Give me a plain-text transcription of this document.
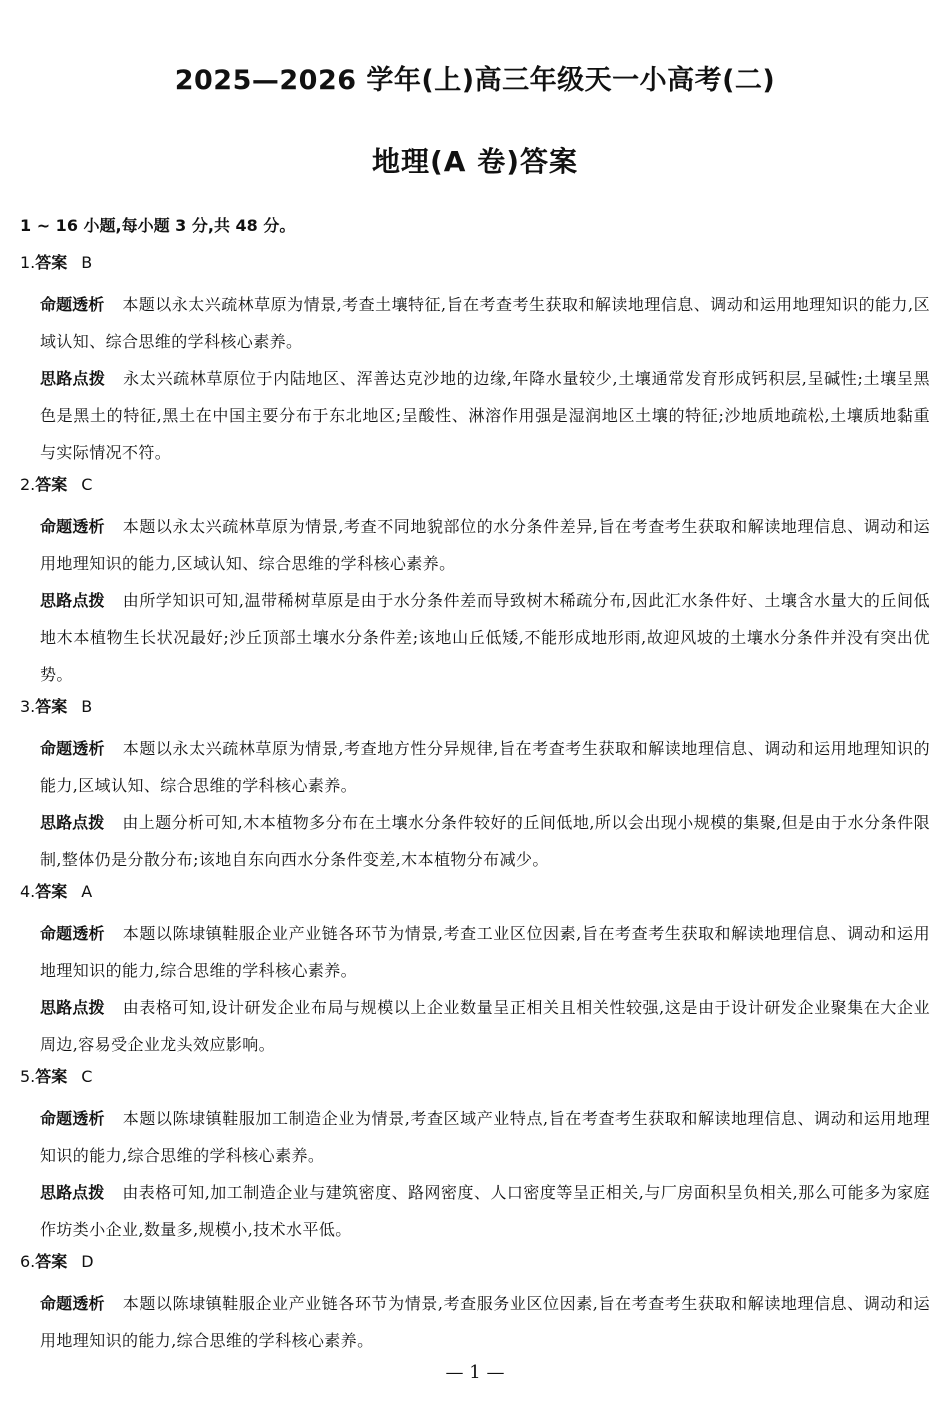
2025—2026 学年(上)高三年级天一小高考(二)
地理(A 卷)答案
1 ~ 16 小题,每小题 3 分,共 48 分。
1.答案 B
命题透析 本题以永太兴疏林草原为情景,考查土壤特征,旨在考查考生获取和解读地理信息、调动和运用地理知识的能力,区域认知、综合思维的学科核心素养。
思路点拨 永太兴疏林草原位于内陆地区、浑善达克沙地的边缘,年降水量较少,土壤通常发育形成钙积层,呈碱性;土壤呈黑色是黑土的特征,黑土在中国主要分布于东北地区;呈酸性、淋溶作用强是湿润地区土壤的特征;沙地质地疏松,土壤质地黏重与实际情况不符。
2.答案 C
命题透析 本题以永太兴疏林草原为情景,考查不同地貌部位的水分条件差异,旨在考查考生获取和解读地理信息、调动和运用地理知识的能力,区域认知、综合思维的学科核心素养。
思路点拨 由所学知识可知,温带稀树草原是由于水分条件差而导致树木稀疏分布,因此汇水条件好、土壤含水量大的丘间低地木本植物生长状况最好;沙丘顶部土壤水分条件差;该地山丘低矮,不能形成地形雨,故迎风坡的土壤水分条件并没有突出优势。
3.答案 B
命题透析 本题以永太兴疏林草原为情景,考查地方性分异规律,旨在考查考生获取和解读地理信息、调动和运用地理知识的能力,区域认知、综合思维的学科核心素养。
思路点拨 由上题分析可知,木本植物多分布在土壤水分条件较好的丘间低地,所以会出现小规模的集聚,但是由于水分条件限制,整体仍是分散分布;该地自东向西水分条件变差,木本植物分布减少。
4.答案 A
命题透析 本题以陈埭镇鞋服企业产业链各环节为情景,考查工业区位因素,旨在考查考生获取和解读地理信息、调动和运用地理知识的能力,综合思维的学科核心素养。
思路点拨 由表格可知,设计研发企业布局与规模以上企业数量呈正相关且相关性较强,这是由于设计研发企业聚集在大企业周边,容易受企业龙头效应影响。
5.答案 C
命题透析 本题以陈埭镇鞋服加工制造企业为情景,考查区域产业特点,旨在考查考生获取和解读地理信息、调动和运用地理知识的能力,综合思维的学科核心素养。
思路点拨 由表格可知,加工制造企业与建筑密度、路网密度、人口密度等呈正相关,与厂房面积呈负相关,那么可能多为家庭作坊类小企业,数量多,规模小,技术水平低。
6.答案 D
命题透析 本题以陈埭镇鞋服企业产业链各环节为情景,考查服务业区位因素,旨在考查考生获取和解读地理信息、调动和运用地理知识的能力,综合思维的学科核心素养。
— 1 —
